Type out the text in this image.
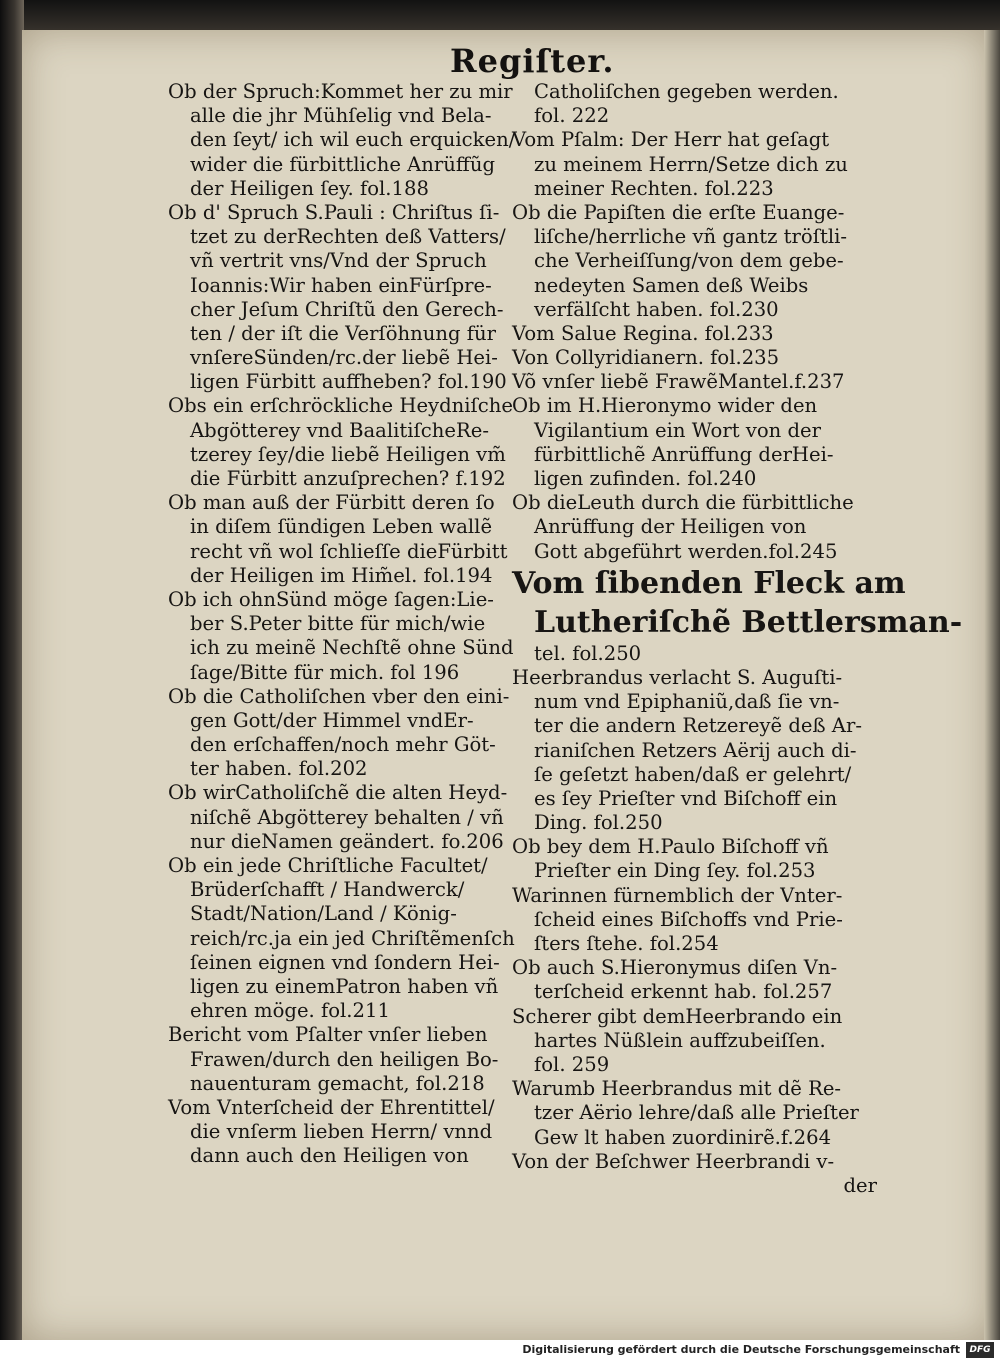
Regiſter.
Ob der Spruch:Kommet her zu mir
alle die jhr Mühſelig vnd Bela-
den ſeyt/ ich wil euch erquicken/
wider die fürbittliche Anrüffũg
der Heiligen ſey. fol.188
Ob d' Spruch S.Pauli : Chriſtus ſi-
tzet zu derRechten deß Vatters/
vñ vertrit vns/Vnd der Spruch
Ioannis:Wir haben einFürſpre-
cher Jeſum Chriſtũ den Gerech-
ten / der iſt die Verſöhnung für
vnſereSünden/rc.der liebẽ Hei-
ligen Fürbitt auffheben? fol.190
Obs ein erſchröckliche Heydniſche
Abgötterey vnd BaalitiſcheRe-
tzerey ſey/die liebẽ Heiligen vm̃
die Fürbitt anzuſprechen? f.192
Ob man auß der Fürbitt deren ſo
in diſem ſündigen Leben wallẽ
recht vñ wol ſchlieſſe dieFürbitt
der Heiligen im Him̃el. fol.194
Ob ich ohnSünd möge ſagen:Lie-
ber S.Peter bitte für mich/wie
ich zu meinẽ Nechſtẽ ohne Sünd
ſage/Bitte für mich. fol 196
Ob die Catholiſchen vber den eini-
gen Gott/der Himmel vndEr-
den erſchaffen/noch mehr Göt-
ter haben. fol.202
Ob wirCatholiſchẽ die alten Heyd-
niſchẽ Abgötterey behalten / vñ
nur dieNamen geändert. fo.206
Ob ein jede Chriſtliche Facultet/
Brüderſchafft / Handwerck/
Stadt/Nation/Land / König-
reich/rc.ja ein jed Chriſtẽmenſch
ſeinen eignen vnd ſondern Hei-
ligen zu einemPatron haben vñ
ehren möge. fol.211
Bericht vom Pſalter vnſer lieben
Frawen/durch den heiligen Bo-
nauenturam gemacht, fol.218
Vom Vnterſcheid der Ehrentittel/
die vnſerm lieben Herrn/ vnnd
dann auch den Heiligen von
Catholiſchen gegeben werden.
fol. 222
Vom Pſalm: Der Herr hat geſagt
zu meinem Herrn/Setze dich zu
meiner Rechten. fol.223
Ob die Papiſten die erſte Euange-
liſche/herrliche vñ gantz tröſtli-
che Verheiſſung/von dem gebe-
nedeyten Samen deß Weibs
verfälſcht haben. fol.230
Vom Salue Regina. fol.233
Von Collyridianern. fol.235
Võ vnſer liebẽ FrawẽMantel.f.237
Ob im H.Hieronymo wider den
Vigilantium ein Wort von der
fürbittlichẽ Anrüffung derHei-
ligen zufinden. fol.240
Ob dieLeuth durch die fürbittliche
Anrüffung der Heiligen von
Gott abgeführt werden.fol.245
Vom ſibenden Fleck am
Lutheriſchẽ Bettlersman-
tel. fol.250
Heerbrandus verlacht S. Auguſti-
num vnd Epiphaniũ,daß ſie vn-
ter die andern Retzereyẽ deß Ar-
rianiſchen Retzers Aërij auch di-
ſe geſetzt haben/daß er gelehrt/
es ſey Prieſter vnd Biſchoff ein
Ding. fol.250
Ob bey dem H.Paulo Biſchoff vñ
Prieſter ein Ding ſey. fol.253
Warinnen fürnemblich der Vnter-
ſcheid eines Biſchoffs vnd Prie-
ſters ſtehe. fol.254
Ob auch S.Hieronymus diſen Vn-
terſcheid erkennt hab. fol.257
Scherer gibt demHeerbrando ein
hartes Nüßlein auffzubeiſſen.
fol. 259
Warumb Heerbrandus mit dẽ Re-
tzer Aërio lehre/daß alle Prieſter
Gew lt haben zuordinirẽ.f.264
Von der Beſchwer Heerbrandi v-
der
Digitalisierung gefördert durch die Deutsche Forschungsgemeinschaft	DFG
